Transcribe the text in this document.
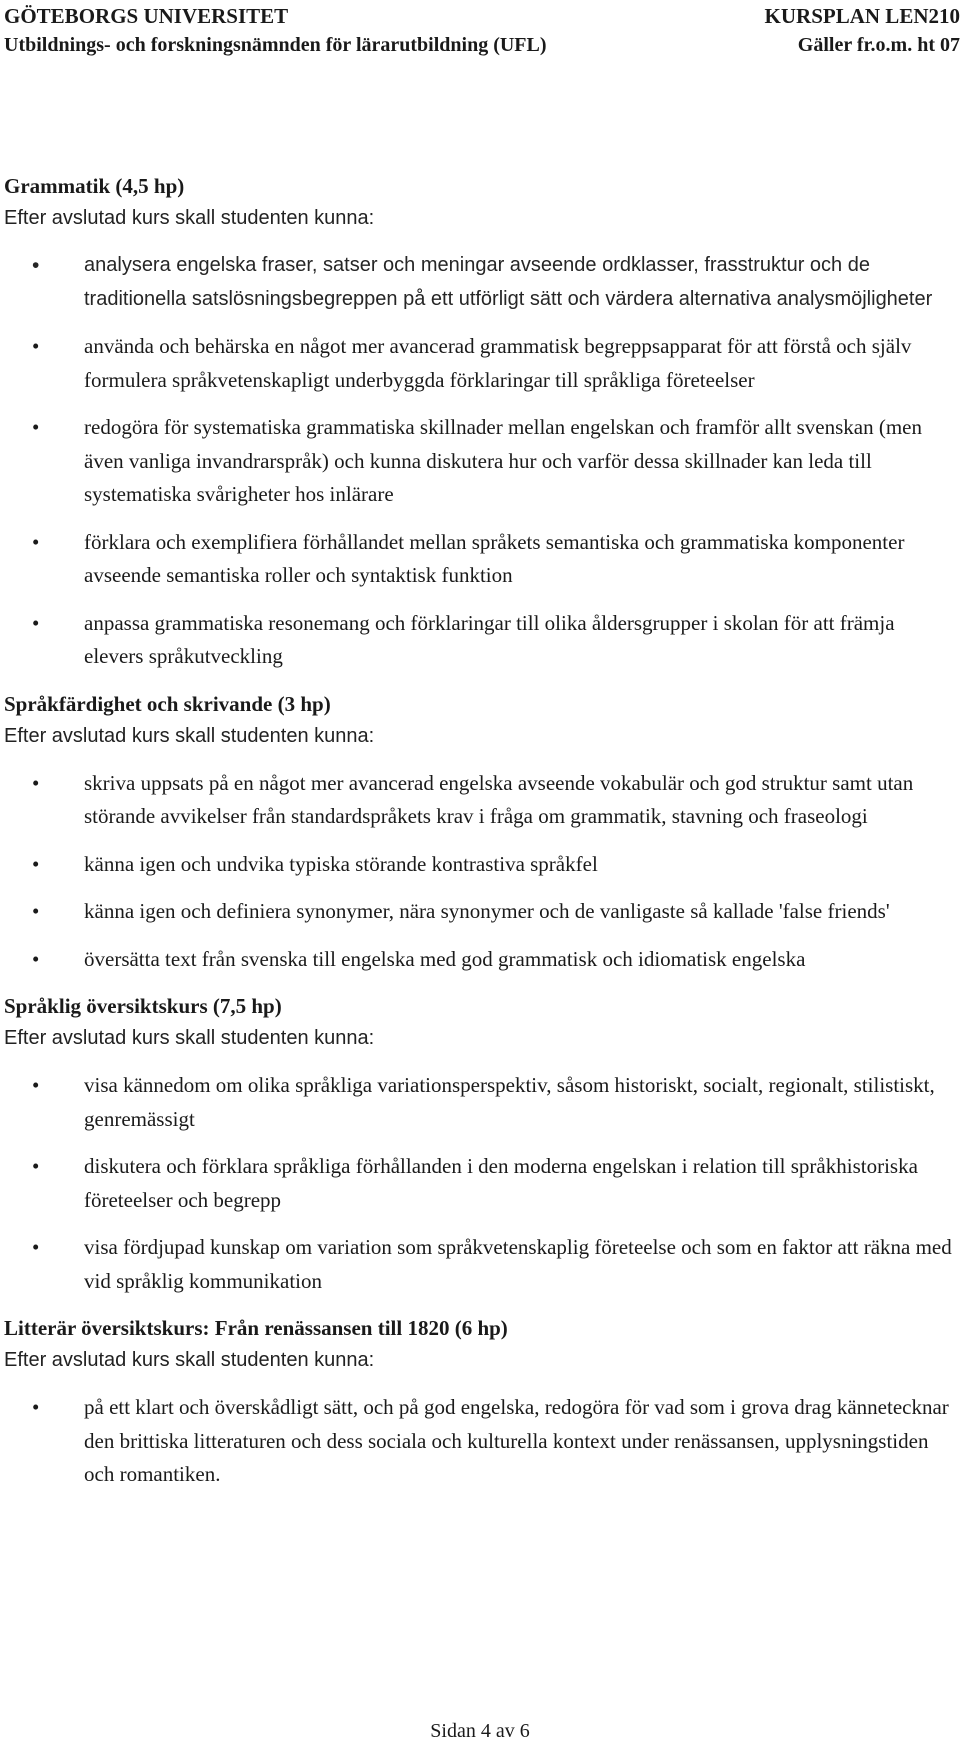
GÖTEBORGS UNIVERSITET	KURSPLAN LEN210
Utbildnings- och forskningsnämnden för lärarutbildning (UFL)	Gäller fr.o.m. ht 07

Grammatik (4,5 hp)

Efter avslutad kurs skall studenten kunna:

• analysera engelska fraser, satser och meningar avseende ordklasser, frasstruktur och de traditionella satslösningsbegreppen på ett utförligt sätt och värdera alternativa analysmöjligheter
• använda och behärska en något mer avancerad grammatisk begreppsapparat för att förstå och själv formulera språkvetenskapligt underbyggda förklaringar till språkliga företeelser
• redogöra för systematiska grammatiska skillnader mellan engelskan och framför allt svenskan (men även vanliga invandrarspråk) och kunna diskutera hur och varför dessa skillnader kan leda till systematiska svårigheter hos inlärare
• förklara och exemplifiera förhållandet mellan språkets semantiska och grammatiska komponenter avseende semantiska roller och syntaktisk funktion
• anpassa grammatiska resonemang och förklaringar till olika åldersgrupper i skolan för att främja elevers språkutveckling

Språkfärdighet och skrivande (3 hp)

Efter avslutad kurs skall studenten kunna:

• skriva uppsats på en något mer avancerad engelska avseende vokabulär och god struktur samt utan störande avvikelser från standardspråkets krav i fråga om grammatik, stavning och fraseologi
• känna igen och undvika typiska störande kontrastiva språkfel
• känna igen och definiera synonymer, nära synonymer och de vanligaste så kallade 'false friends'
• översätta text från svenska till engelska med god grammatisk och idiomatisk engelska

Språklig översiktskurs (7,5 hp)

Efter avslutad kurs skall studenten kunna:

• visa kännedom om olika språkliga variationsperspektiv, såsom historiskt, socialt, regionalt, stilistiskt, genremässigt
• diskutera och förklara språkliga förhållanden i den moderna engelskan i relation till språkhistoriska företeelser och begrepp
• visa fördjupad kunskap om variation som språkvetenskaplig företeelse och som en faktor att räkna med vid språklig kommunikation

Litterär översiktskurs: Från renässansen till 1820 (6 hp)

Efter avslutad kurs skall studenten kunna:

• på ett klart och överskådligt sätt, och på god engelska, redogöra för vad som i grova drag kännetecknar den brittiska litteraturen och dess sociala och kulturella kontext under renässansen, upplysningstiden och romantiken.
Sidan 4 av 6
